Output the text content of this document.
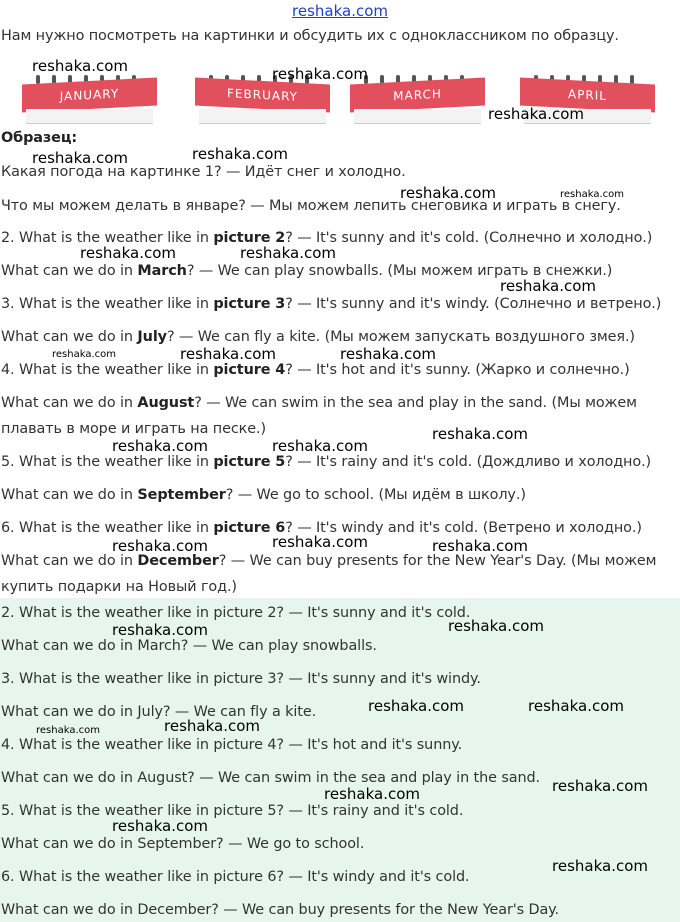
reshaka.com
Нам нужно посмотреть на картинки и обсудить их с одноклассником по образцу.
JANUARY	FEBRUARY	MARCH	APRIL
Образец:
Какая погода на картинке 1? — Идёт снег и холодно.
Что мы можем делать в январе? — Мы можем лепить снеговика и играть в снегу.
2. What is the weather like in picture 2? — It's sunny and it's cold. (Солнечно и холодно.)
What can we do in March? — We can play snowballs. (Мы можем играть в снежки.)
3. What is the weather like in picture 3? — It's sunny and it's windy. (Солнечно и ветрено.)
What can we do in July? — We can fly a kite. (Мы можем запускать воздушного змея.)
4. What is the weather like in picture 4? — It's hot and it's sunny. (Жарко и солнечно.)
What can we do in August? — We can swim in the sea and play in the sand. (Мы можем
плавать в море и играть на песке.)
5. What is the weather like in picture 5? — It's rainy and it's cold. (Дождливо и холодно.)
What can we do in September? — We go to school. (Мы идём в школу.)
6. What is the weather like in picture 6? — It's windy and it's cold. (Ветрено и холодно.)
What can we do in December? — We can buy presents for the New Year's Day. (Мы можем
купить подарки на Новый год.)
2. What is the weather like in picture 2? — It's sunny and it's cold.
What can we do in March? — We can play snowballs.
3. What is the weather like in picture 3? — It's sunny and it's windy.
What can we do in July? — We can fly a kite.
4. What is the weather like in picture 4? — It's hot and it's sunny.
What can we do in August? — We can swim in the sea and play in the sand.
5. What is the weather like in picture 5? — It's rainy and it's cold.
What can we do in September? — We go to school.
6. What is the weather like in picture 6? — It's windy and it's cold.
What can we do in December? — We can buy presents for the New Year's Day.
reshaka.com	reshaka.com
reshaka.com
reshaka.com	reshaka.com
reshaka.com	reshaka.com
reshaka.com	reshaka.com
reshaka.com
reshaka.com	reshaka.com	reshaka.com
reshaka.com
reshaka.com	reshaka.com
reshaka.com	reshaka.com	reshaka.com
reshaka.com	reshaka.com
reshaka.com	reshaka.com
reshaka.com
reshaka.com
reshaka.com
reshaka.com
reshaka.com
reshaka.com
